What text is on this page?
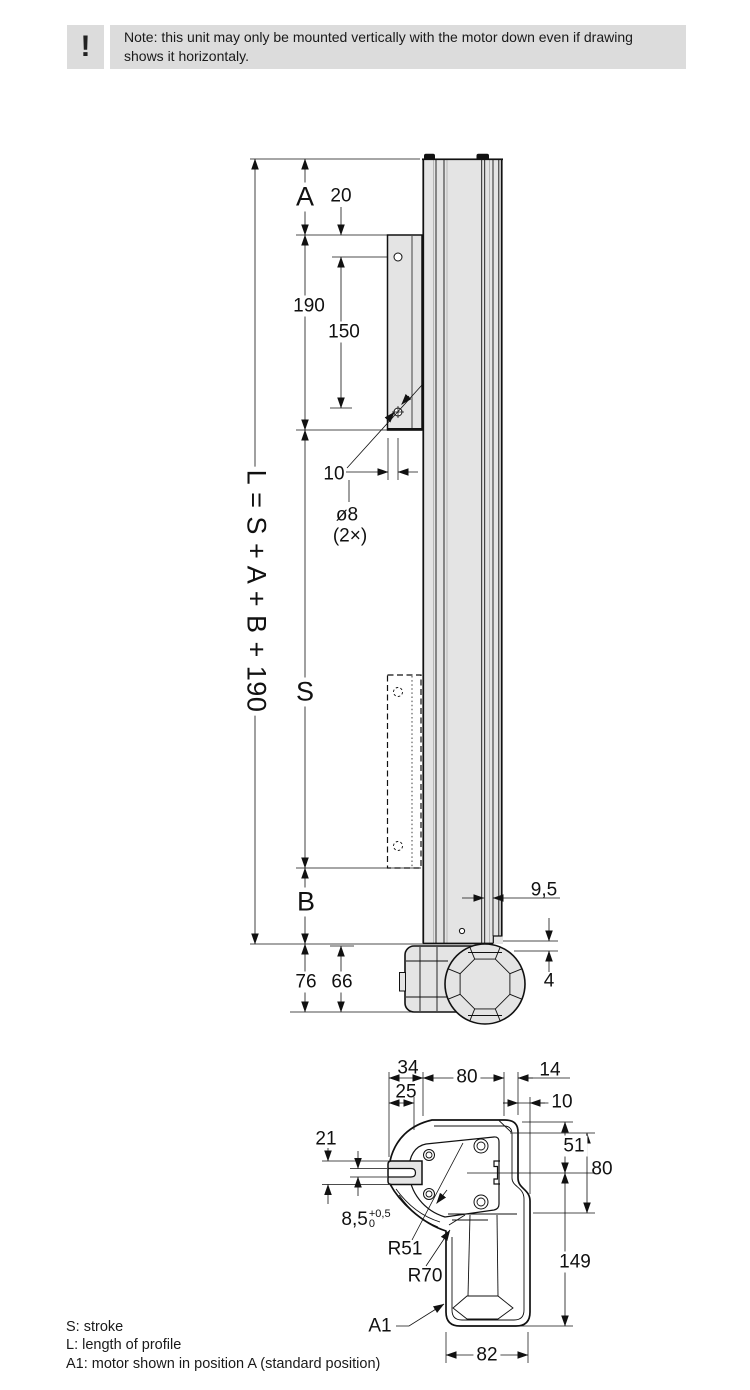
!	Note: this unit may only be mounted vertically with the motor down even if drawing shows it horizontaly.
A 20
190
150
10
ø8
(2×)
L = S + A + B + 190 S
B	9,5
76 66	4
34 80	14
25	10
21	51
80
8,5 +0,5
0
R51
R70
149
A1
82
S: stroke
L: length of profile
A1: motor shown in position A (standard position)
